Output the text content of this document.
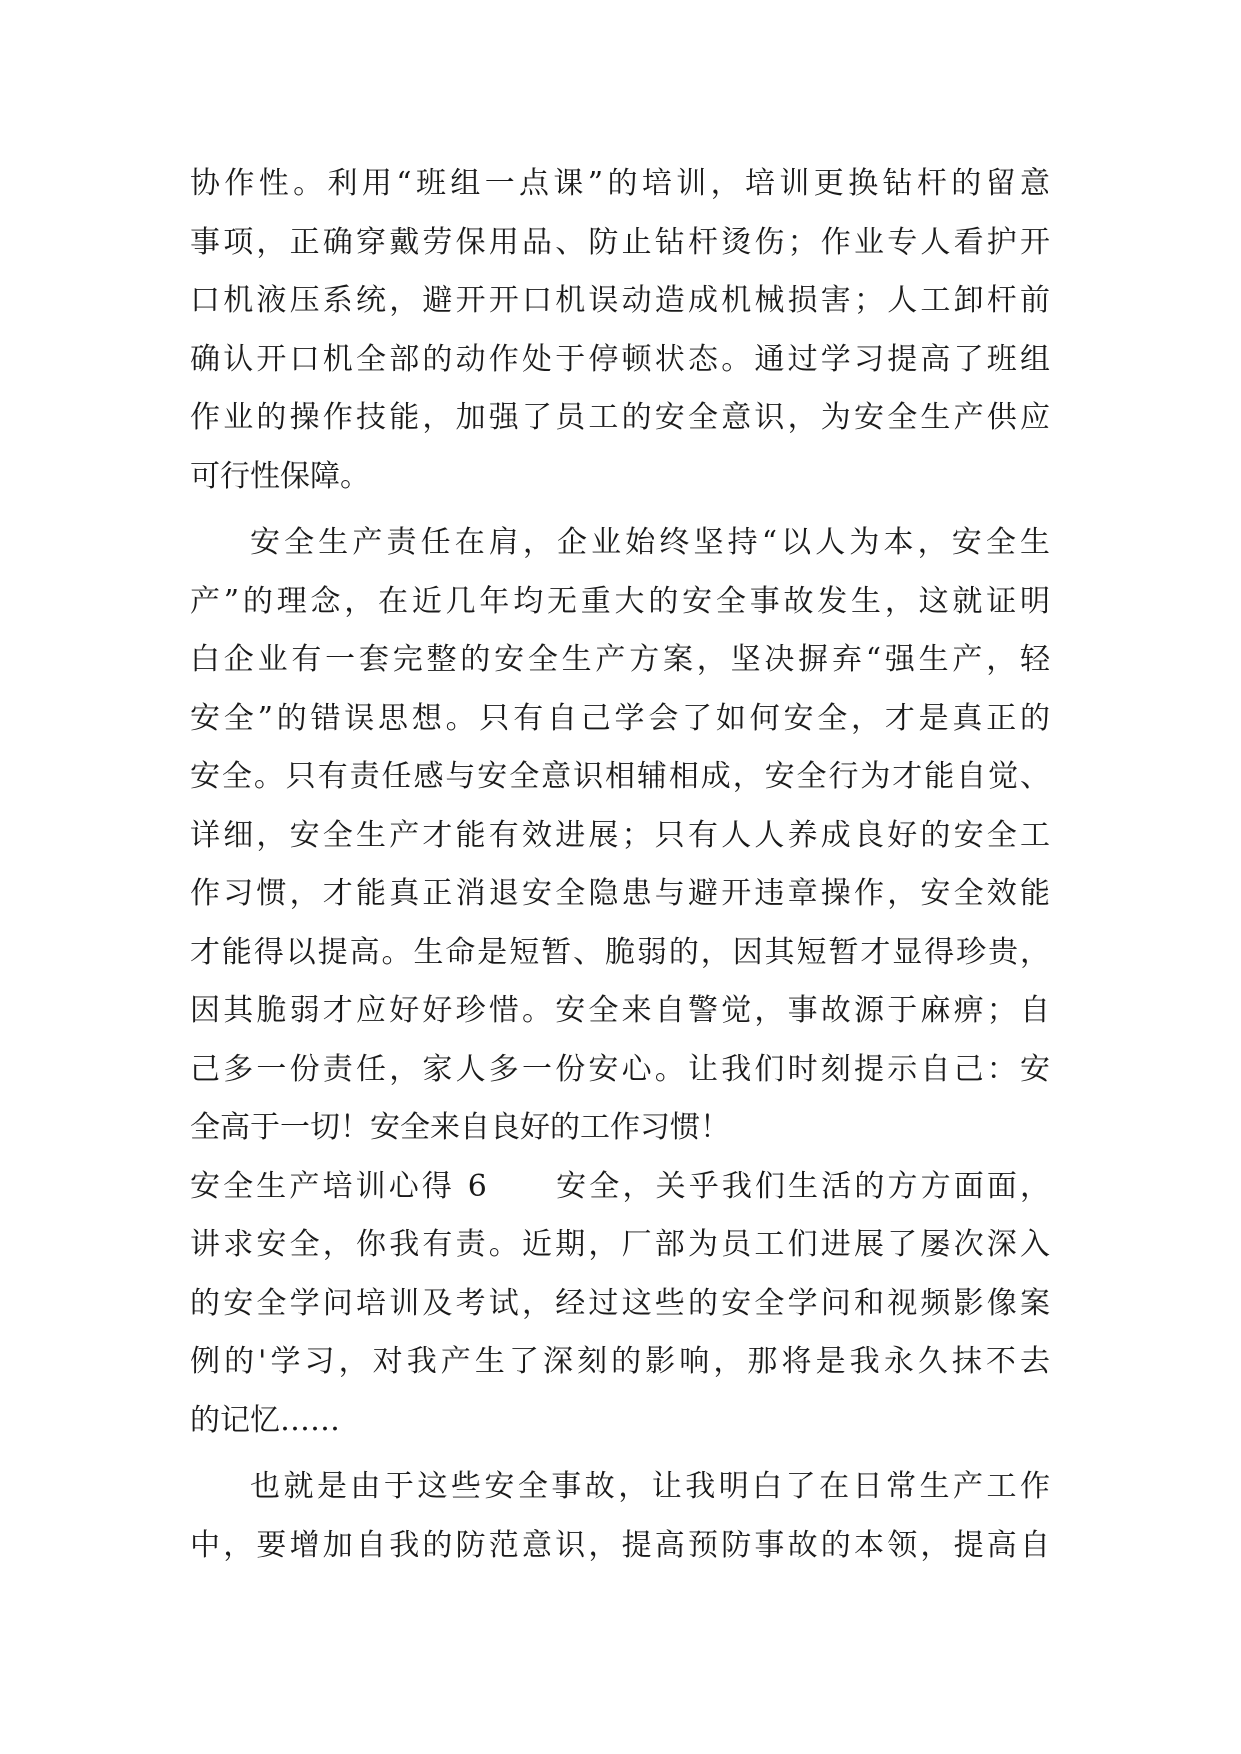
协作性。利用“班组一点课”的培训，培训更换钻杆的留意
事项，正确穿戴劳保用品、防止钻杆烫伤；作业专人看护开
口机液压系统，避开开口机误动造成机械损害；人工卸杆前
确认开口机全部的动作处于停顿状态。通过学习提高了班组
作业的操作技能，加强了员工的安全意识，为安全生产供应
可行性保障。
安全生产责任在肩，企业始终坚持“以人为本，安全生
产”的理念，在近几年均无重大的安全事故发生，这就证明
白企业有一套完整的安全生产方案，坚决摒弃“强生产，轻
安全”的错误思想。只有自己学会了如何安全，才是真正的
安全。只有责任感与安全意识相辅相成，安全行为才能自觉、
详细，安全生产才能有效进展；只有人人养成良好的安全工
作习惯，才能真正消退安全隐患与避开违章操作，安全效能
才能得以提高。生命是短暂、脆弱的，因其短暂才显得珍贵，
因其脆弱才应好好珍惜。安全来自警觉，事故源于麻痹；自
己多一份责任，家人多一份安心。让我们时刻提示自己：安
全高于一切！安全来自良好的工作习惯！
安全生产培训心得 6　　安全，关乎我们生活的方方面面，
讲求安全，你我有责。近期，厂部为员工们进展了屡次深入
的安全学问培训及考试，经过这些的安全学问和视频影像案
例的'学习，对我产生了深刻的影响，那将是我永久抹不去
的记忆……
也就是由于这些安全事故，让我明白了在日常生产工作
中，要增加自我的防范意识，提高预防事故的本领，提高自
